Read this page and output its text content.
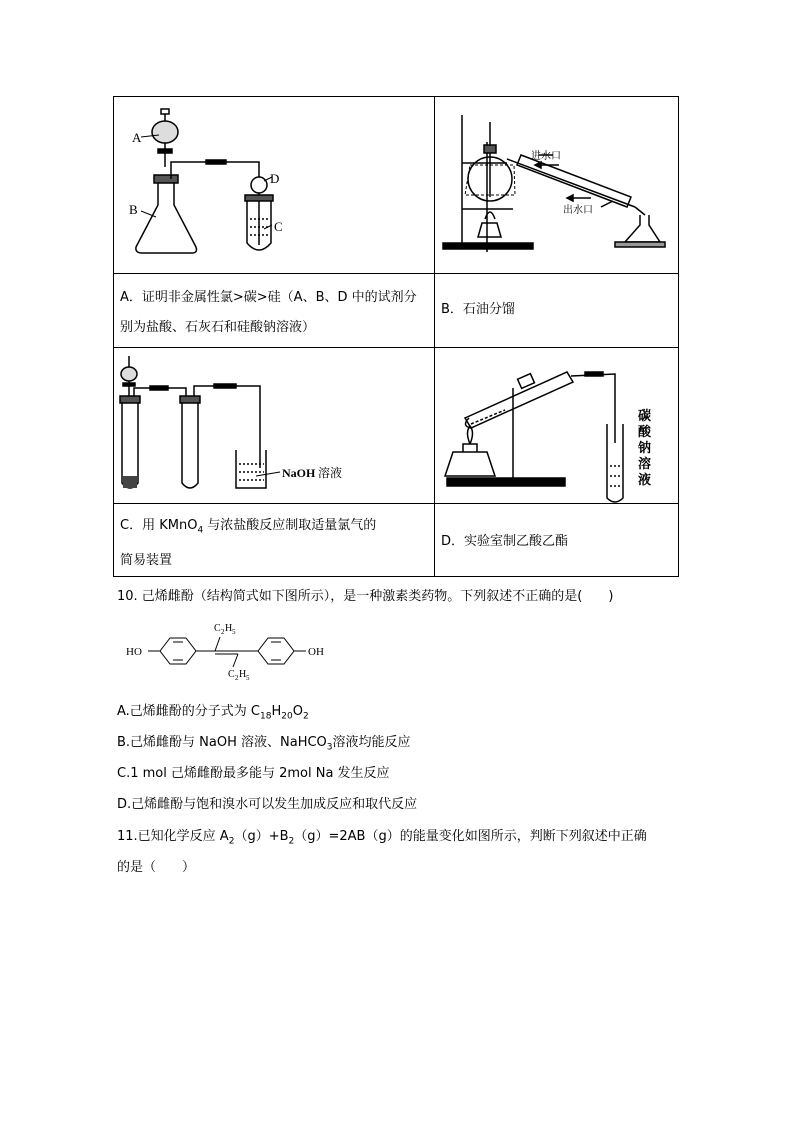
A
B
C
D
进水口
出水口
A．证明非金属性氯>碳>硅（A、B、D 中的试剂分
别为盐酸、石灰石和硅酸钠溶液）
B．石油分馏
NaOH 溶液
碳
酸
钠
溶
液
C．用 KMnO$_4$ 与浓盐酸反应制取适量氯气的
简易装置
D．实验室制乙酸乙酯
10. 己烯雌酚（结构简式如下图所示），是一种激素类药物。下列叙述不正确的是(　　)
HO	OH
C 2 H 5
C 2 H 5
A.己烯雌酚的分子式为 $C_{18}H_{20}O_2$
B.己烯雌酚与 NaOH 溶液、NaHCO$_3$溶液均能反应
C.1 mol 己烯雌酚最多能与 2mol Na 发生反应
D.己烯雌酚与饱和溴水可以发生加成反应和取代反应
11.已知化学反应 $A_2(g)+B_2(g)=2AB(g)$的能量变化如图所示，判断下列叙述中正确
的是（　　）
